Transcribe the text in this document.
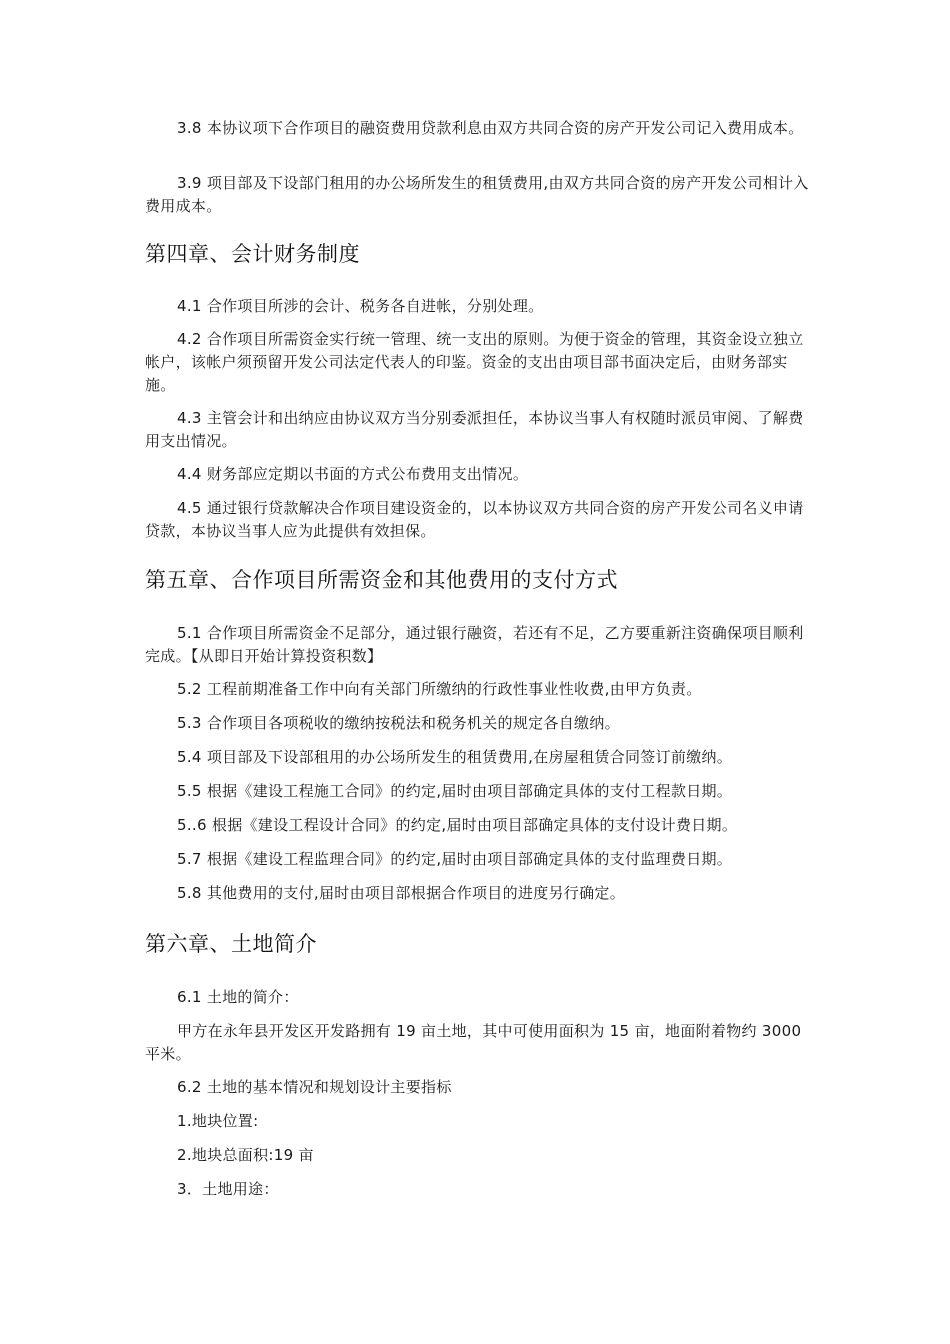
3.8 本协议项下合作项目的融资费用贷款利息由双方共同合资的房产开发公司记入费用成本。

3.9 项目部及下设部门租用的办公场所发生的租赁费用,由双方共同合资的房产开发公司相计入费用成本。

第四章、会计财务制度

4.1 合作项目所涉的会计、税务各自进帐，分别处理。

4.2 合作项目所需资金实行统一管理、统一支出的原则。为便于资金的管理，其资金设立独立帐户，该帐户须预留开发公司法定代表人的印鉴。资金的支出由项目部书面决定后，由财务部实施。

4.3 主管会计和出纳应由协议双方当分别委派担任，本协议当事人有权随时派员审阅、了解费用支出情况。

4.4 财务部应定期以书面的方式公布费用支出情况。

4.5 通过银行贷款解决合作项目建设资金的，以本协议双方共同合资的房产开发公司名义申请贷款，本协议当事人应为此提供有效担保。

第五章、合作项目所需资金和其他费用的支付方式

5.1 合作项目所需资金不足部分，通过银行融资，若还有不足，乙方要重新注资确保项目顺利完成。【从即日开始计算投资积数】

5.2 工程前期准备工作中向有关部门所缴纳的行政性事业性收费,由甲方负责。

5.3 合作项目各项税收的缴纳按税法和税务机关的规定各自缴纳。

5.4 项目部及下设部租用的办公场所发生的租赁费用,在房屋租赁合同签订前缴纳。

5.5 根据《建设工程施工合同》的约定,届时由项目部确定具体的支付工程款日期。

5..6 根据《建设工程设计合同》的约定,届时由项目部确定具体的支付设计费日期。

5.7 根据《建设工程监理合同》的约定,届时由项目部确定具体的支付监理费日期。

5.8 其他费用的支付,届时由项目部根据合作项目的进度另行确定。

第六章、土地简介

6.1 土地的简介：

甲方在永年县开发区开发路拥有 19 亩土地，其中可使用面积为 15 亩，地面附着物约 3000 平米。

6.2 土地的基本情况和规划设计主要指标

1.地块位置:

2.地块总面积:19 亩

3．土地用途：
